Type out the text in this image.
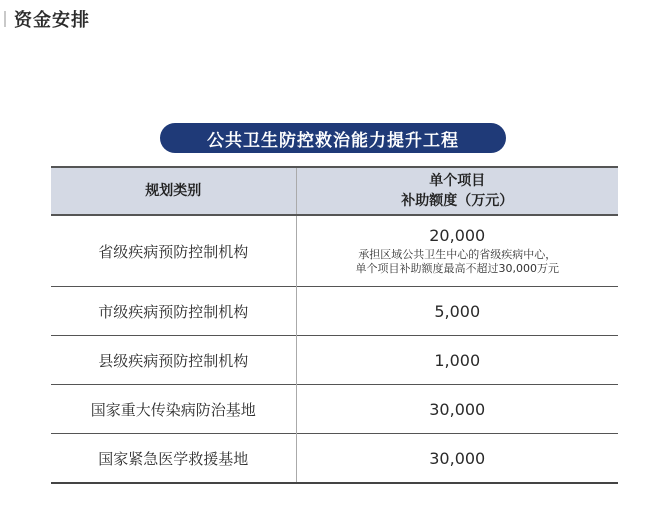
资金安排
公共卫生防控救治能力提升工程
规划类别	单个项目
补助额度（万元）

省级疾病预防控制机构	20,000
承担区域公共卫生中心的省级疾病中心，
单个项目补助额度最高不超过30,000万元

市级疾病预防控制机构	5,000

县级疾病预防控制机构	1,000

国家重大传染病防治基地	30,000

国家紧急医学救援基地	30,000
